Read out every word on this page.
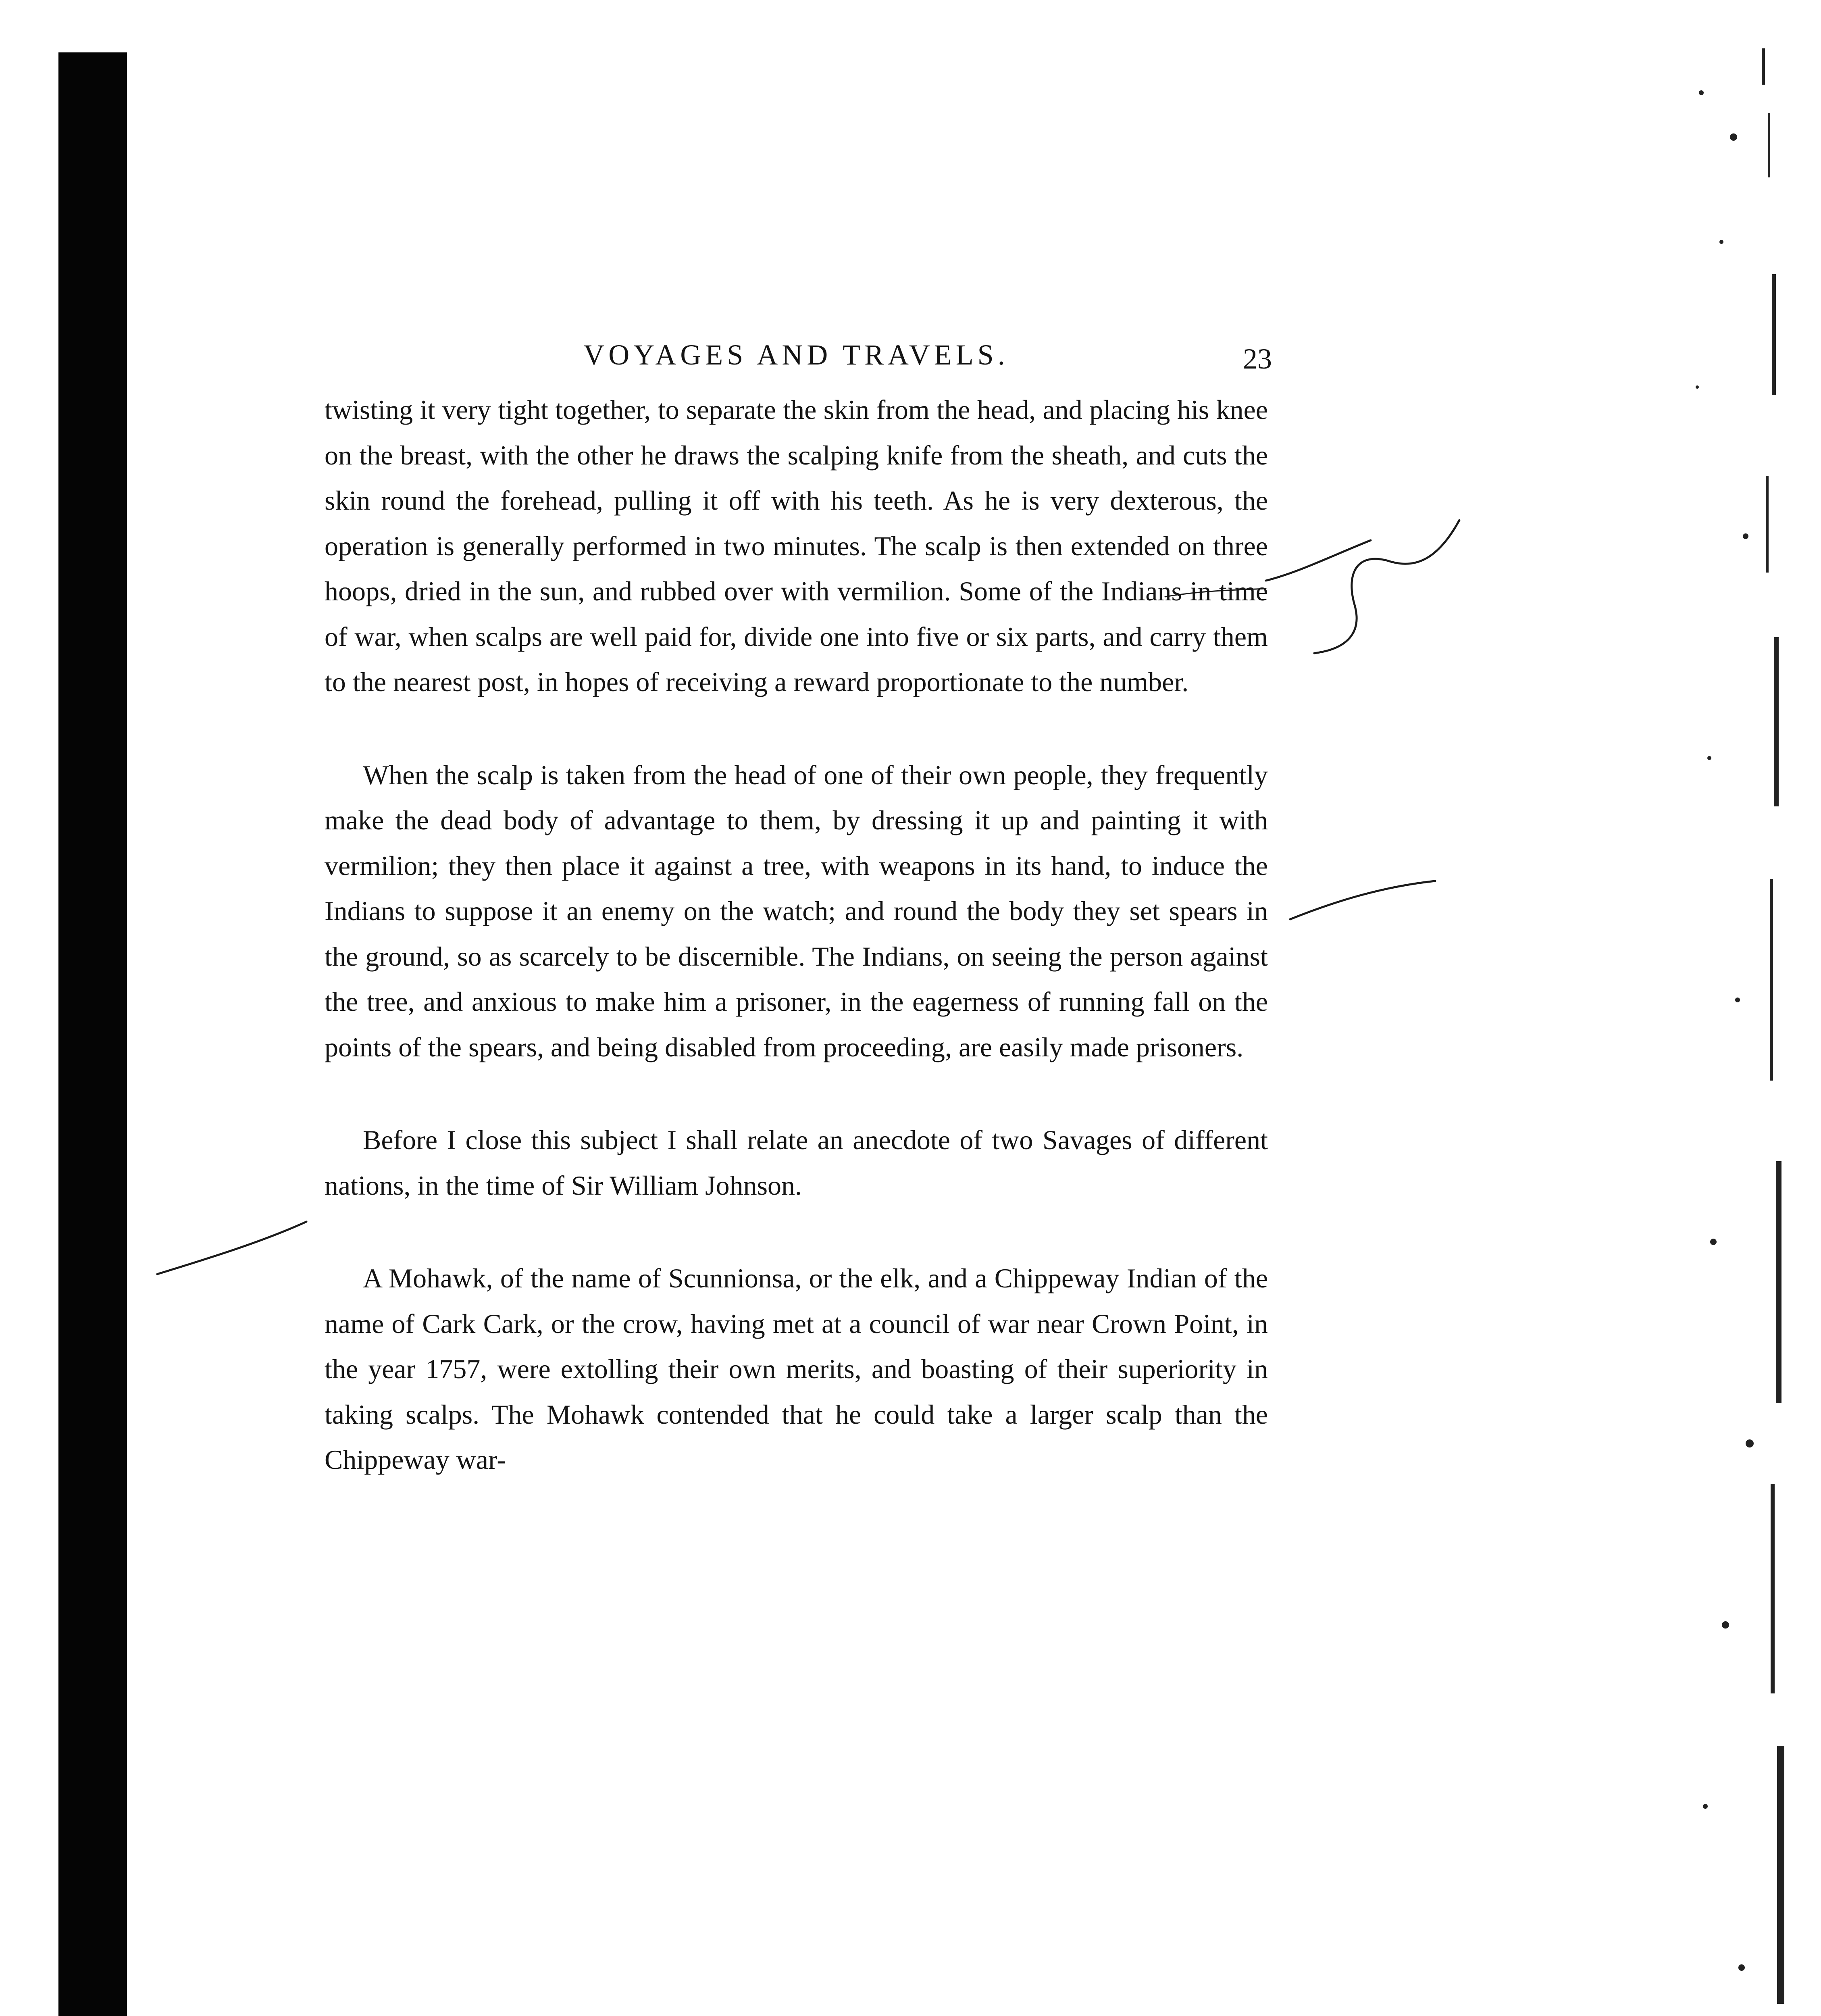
VOYAGES AND TRAVELS.	23

twisting it very tight together, to separate the skin from the head, and placing his knee on the breast, with the other he draws the scalping knife from the sheath, and cuts the skin round the forehead, pulling it off with his teeth. As he is very dexterous, the operation is generally performed in two minutes. The scalp is then extended on three hoops, dried in the sun, and rubbed over with vermilion. Some of the Indians in time of war, when scalps are well paid for, divide one into five or six parts, and carry them to the nearest post, in hopes of receiving a reward proportionate to the number.

When the scalp is taken from the head of one of their own people, they frequently make the dead body of advantage to them, by dressing it up and painting it with vermilion; they then place it against a tree, with weapons in its hand, to induce the Indians to suppose it an enemy on the watch; and round the body they set spears in the ground, so as scarcely to be discernible. The Indians, on seeing the person against the tree, and anxious to make him a prisoner, in the eagerness of running fall on the points of the spears, and being disabled from proceeding, are easily made prisoners.

Before I close this subject I shall relate an anecdote of two Savages of different nations, in the time of Sir William Johnson.

A Mohawk, of the name of Scunnionsa, or the elk, and a Chippeway Indian of the name of Cark Cark, or the crow, having met at a council of war near Crown Point, in the year 1757, were extolling their own merits, and boasting of their superiority in taking scalps. The Mohawk contended that he could take a larger scalp than the Chippeway war-
